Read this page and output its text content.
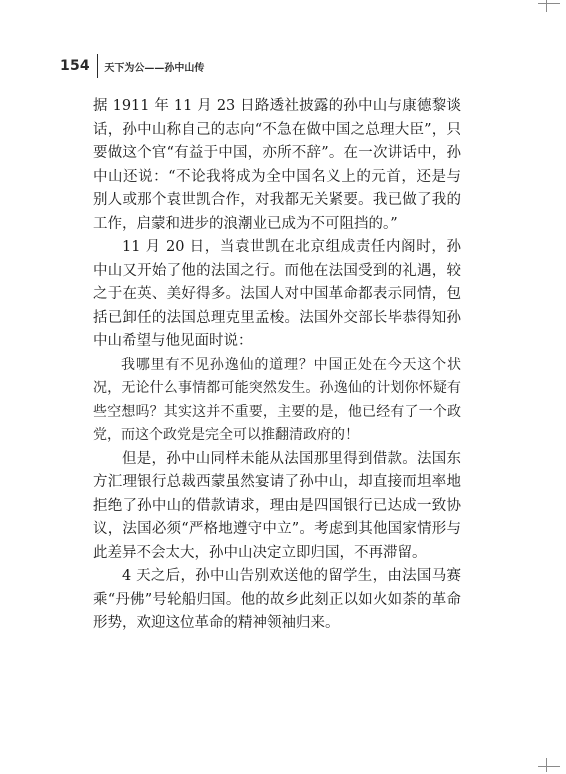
154 天下为公——孙中山传

据 1911 年 11 月 23 日路透社披露的孙中山与康德黎谈话，孙中山称自己的志向“不急在做中国之总理大臣”，只要做这个官“有益于中国，亦所不辞”。在一次讲话中，孙中山还说：“不论我将成为全中国名义上的元首，还是与别人或那个袁世凯合作，对我都无关紧要。我已做了我的工作，启蒙和进步的浪潮业已成为不可阻挡的。”

11 月 20 日，当袁世凯在北京组成责任内阁时，孙中山又开始了他的法国之行。而他在法国受到的礼遇，较之于在英、美好得多。法国人对中国革命都表示同情，包括已卸任的法国总理克里孟梭。法国外交部长毕恭得知孙中山希望与他见面时说：

我哪里有不见孙逸仙的道理？中国正处在今天这个状况，无论什么事情都可能突然发生。孙逸仙的计划你怀疑有些空想吗？其实这并不重要，主要的是，他已经有了一个政党，而这个政党是完全可以推翻清政府的！

但是，孙中山同样未能从法国那里得到借款。法国东方汇理银行总裁西蒙虽然宴请了孙中山，却直接而坦率地拒绝了孙中山的借款请求，理由是四国银行已达成一致协议，法国必须“严格地遵守中立”。考虑到其他国家情形与此差异不会太大，孙中山决定立即归国，不再滞留。

4 天之后，孙中山告别欢送他的留学生，由法国马赛乘“丹佛”号轮船归国。他的故乡此刻正以如火如荼的革命形势，欢迎这位革命的精神领袖归来。
